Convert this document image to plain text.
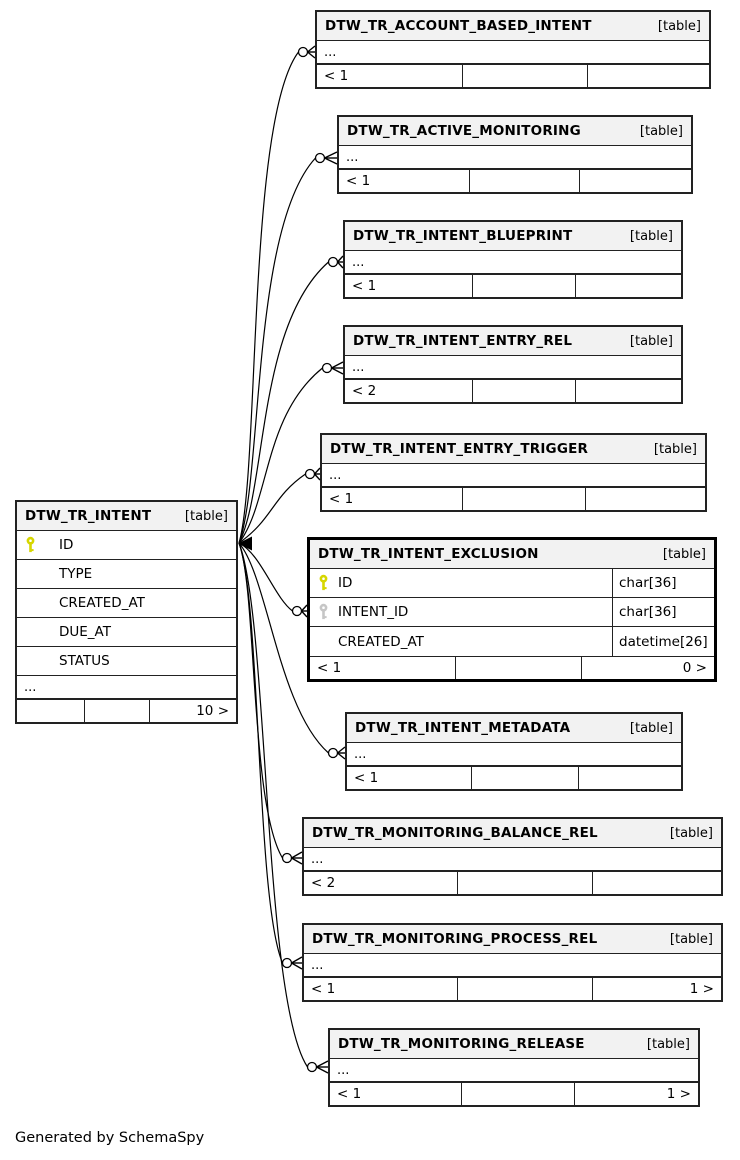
DTW_TR_ACCOUNT_BASED_INTENT	[table]
...
< 1
DTW_TR_ACTIVE_MONITORING	[table]
...
< 1
DTW_TR_INTENT_BLUEPRINT	[table]
...
< 1
DTW_TR_INTENT_ENTRY_REL	[table]
...
< 2
DTW_TR_INTENT_ENTRY_TRIGGER	[table]
...
< 1
DTW_TR_INTENT_EXCLUSION	[table]
ID	char[36]
INTENT_ID	char[36]
CREATED_AT	datetime[26]
< 1	0 >
DTW_TR_INTENT_METADATA	[table]
...
< 1
DTW_TR_MONITORING_BALANCE_REL	[table]
...
< 2
DTW_TR_MONITORING_PROCESS_REL	[table]
...
< 1	1 >
DTW_TR_MONITORING_RELEASE	[table]
...
< 1	1 >
DTW_TR_INTENT	[table]
ID
TYPE
CREATED_AT
DUE_AT
STATUS
...
10 >
Generated by SchemaSpy
